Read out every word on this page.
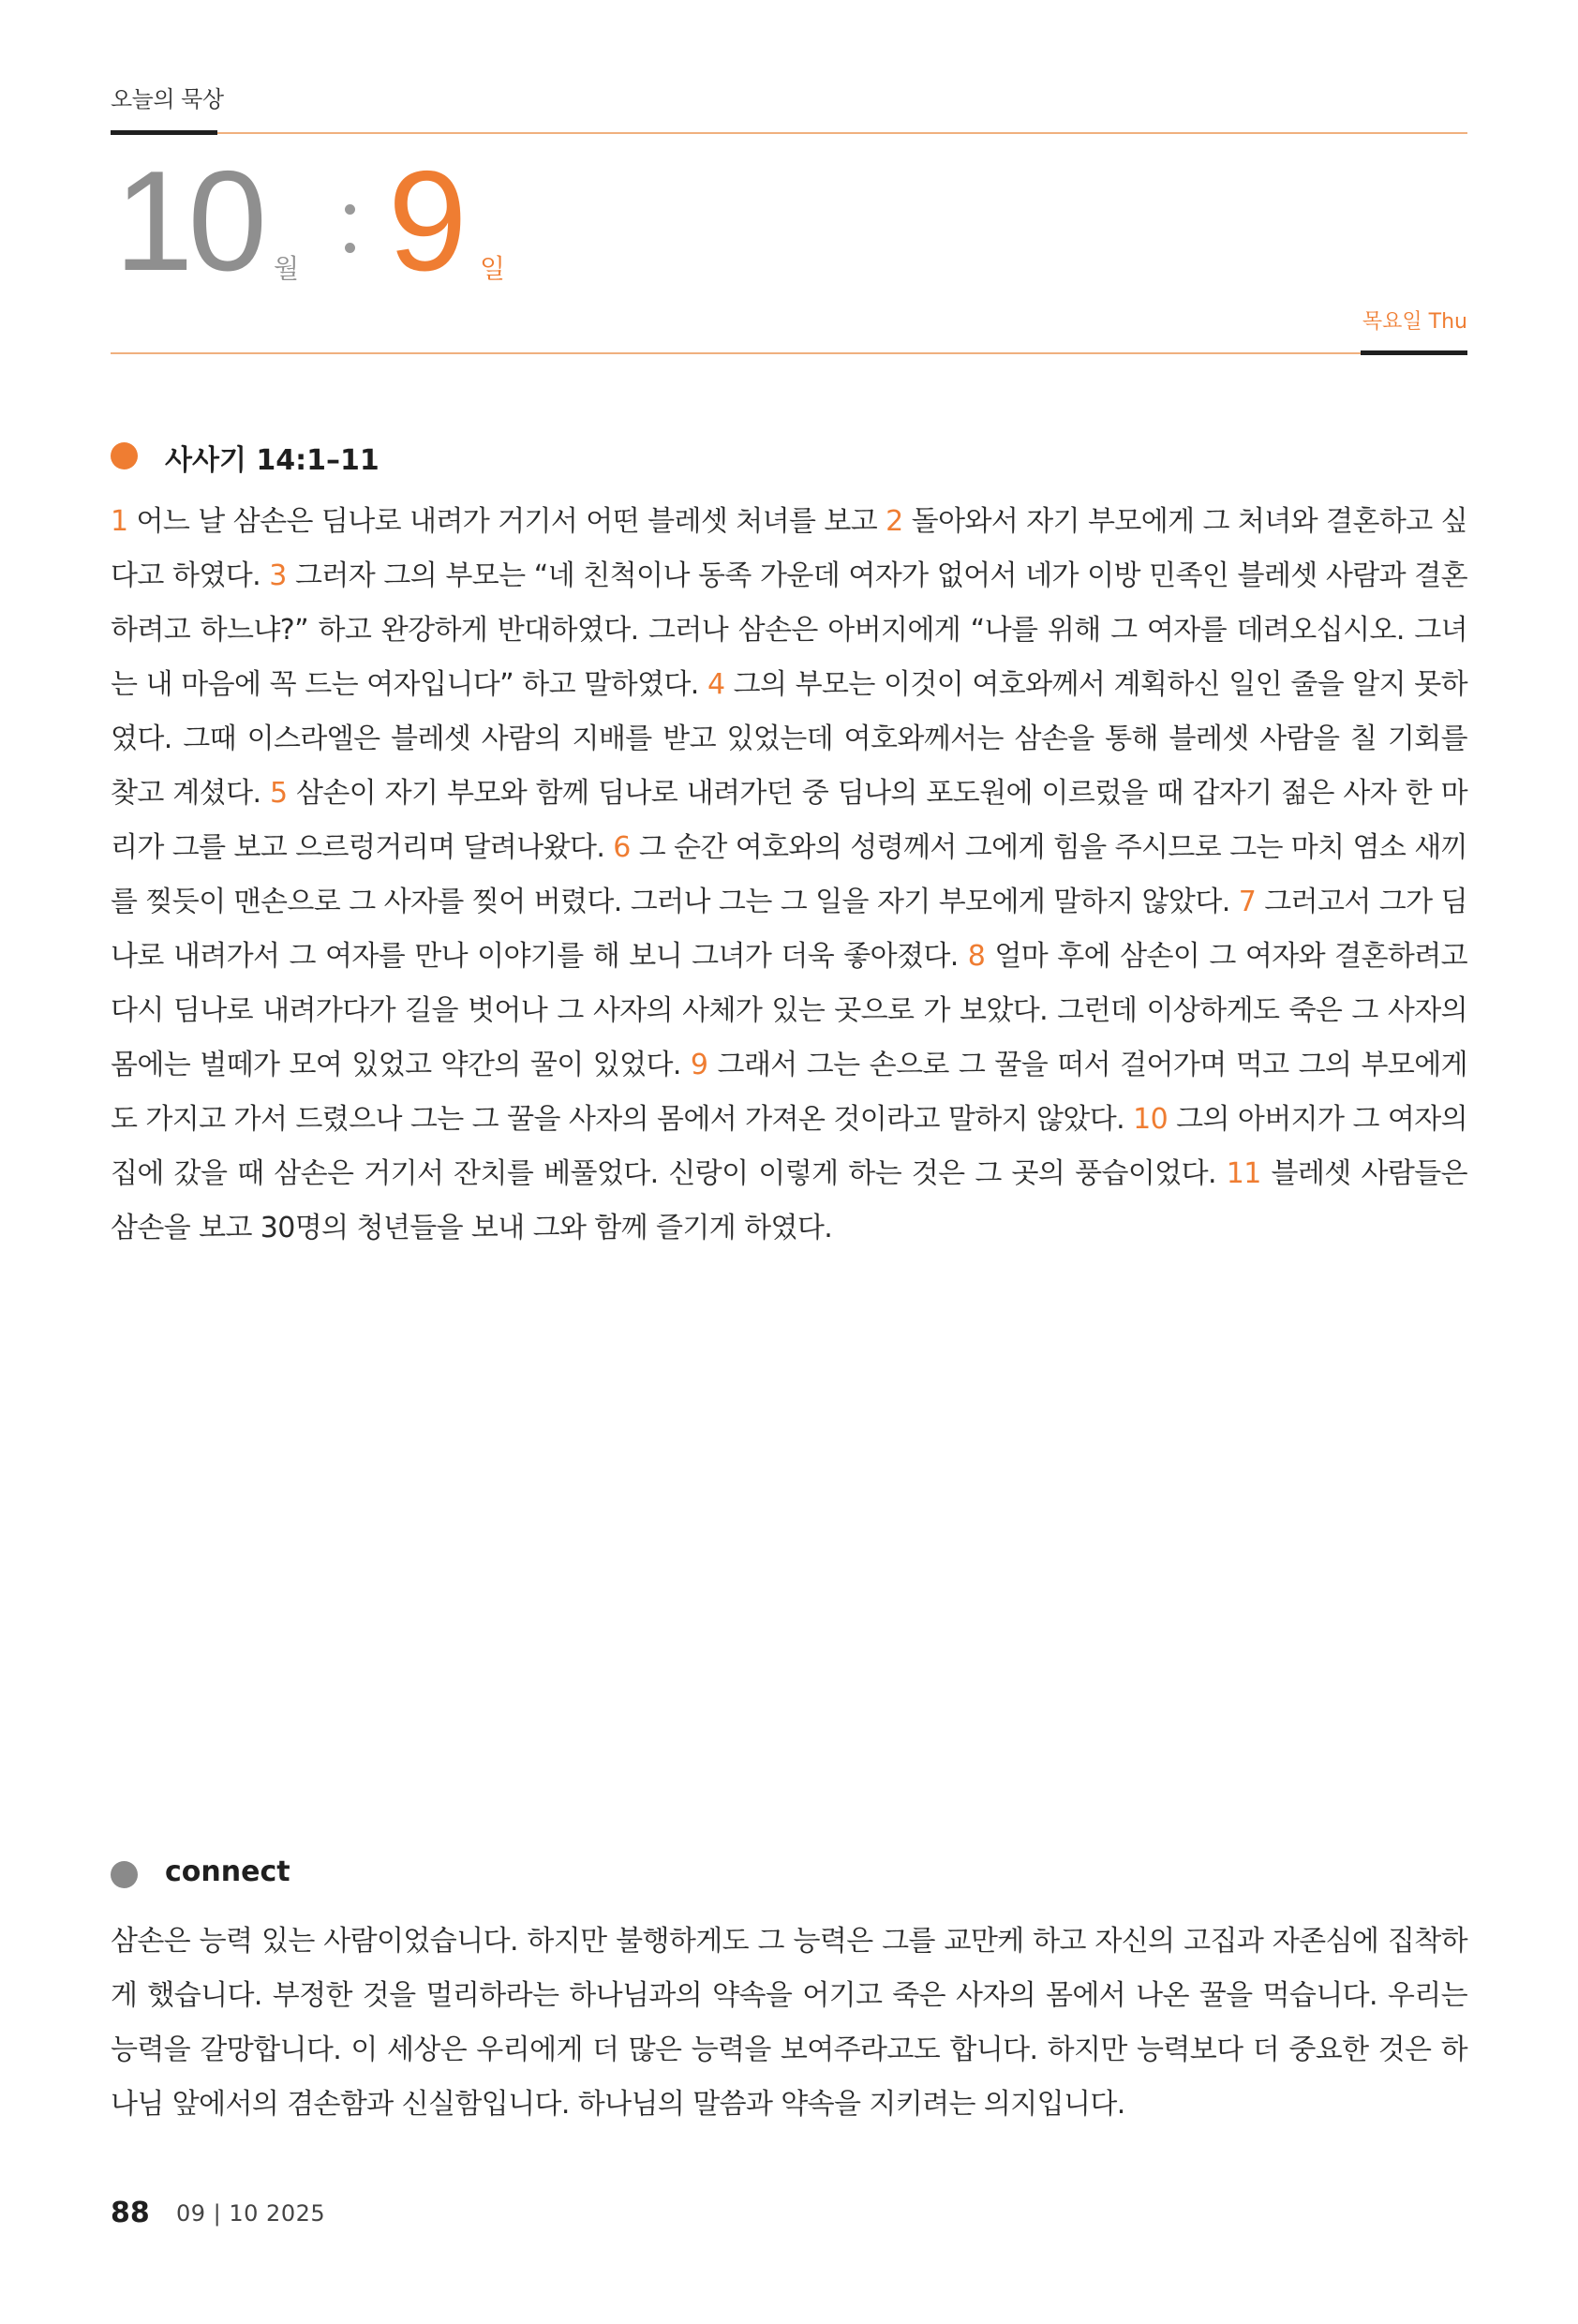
오늘의 묵상
10 월 9 일
목요일 Thu
사사기 14:1–11

1 어느 날 삼손은 딤나로 내려가 거기서 어떤 블레셋 처녀를 보고 2 돌아와서 자기 부모에게 그 처녀와 결혼하고 싶다고 하였다. 3 그러자 그의 부모는 “네 친척이나 동족 가운데 여자가 없어서 네가 이방 민족인 블레셋 사람과 결혼하려고 하느냐?” 하고 완강하게 반대하였다. 그러나 삼손은 아버지에게 “나를 위해 그 여자를 데려오십시오. 그녀는 내 마음에 꼭 드는 여자입니다” 하고 말하였다. 4 그의 부모는 이것이 여호와께서 계획하신 일인 줄을 알지 못하였다. 그때 이스라엘은 블레셋 사람의 지배를 받고 있었는데 여호와께서는 삼손을 통해 블레셋 사람을 칠 기회를 찾고 계셨다. 5 삼손이 자기 부모와 함께 딤나로 내려가던 중 딤나의 포도원에 이르렀을 때 갑자기 젊은 사자 한 마리가 그를 보고 으르렁거리며 달려나왔다. 6 그 순간 여호와의 성령께서 그에게 힘을 주시므로 그는 마치 염소 새끼를 찢듯이 맨손으로 그 사자를 찢어 버렸다. 그러나 그는 그 일을 자기 부모에게 말하지 않았다. 7 그러고서 그가 딤나로 내려가서 그 여자를 만나 이야기를 해 보니 그녀가 더욱 좋아졌다. 8 얼마 후에 삼손이 그 여자와 결혼하려고 다시 딤나로 내려가다가 길을 벗어나 그 사자의 사체가 있는 곳으로 가 보았다. 그런데 이상하게도 죽은 그 사자의 몸에는 벌떼가 모여 있었고 약간의 꿀이 있었다. 9 그래서 그는 손으로 그 꿀을 떠서 걸어가며 먹고 그의 부모에게도 가지고 가서 드렸으나 그는 그 꿀을 사자의 몸에서 가져온 것이라고 말하지 않았다. 10 그의 아버지가 그 여자의 집에 갔을 때 삼손은 거기서 잔치를 베풀었다. 신랑이 이렇게 하는 것은 그 곳의 풍습이었다. 11 블레셋 사람들은 삼손을 보고 30명의 청년들을 보내 그와 함께 즐기게 하였다.

connect

삼손은 능력 있는 사람이었습니다. 하지만 불행하게도 그 능력은 그를 교만케 하고 자신의 고집과 자존심에 집착하게 했습니다. 부정한 것을 멀리하라는 하나님과의 약속을 어기고 죽은 사자의 몸에서 나온 꿀을 먹습니다. 우리는 능력을 갈망합니다. 이 세상은 우리에게 더 많은 능력을 보여주라고도 합니다. 하지만 능력보다 더 중요한 것은 하나님 앞에서의 겸손함과 신실함입니다. 하나님의 말씀과 약속을 지키려는 의지입니다.

88 09 | 10 2025
